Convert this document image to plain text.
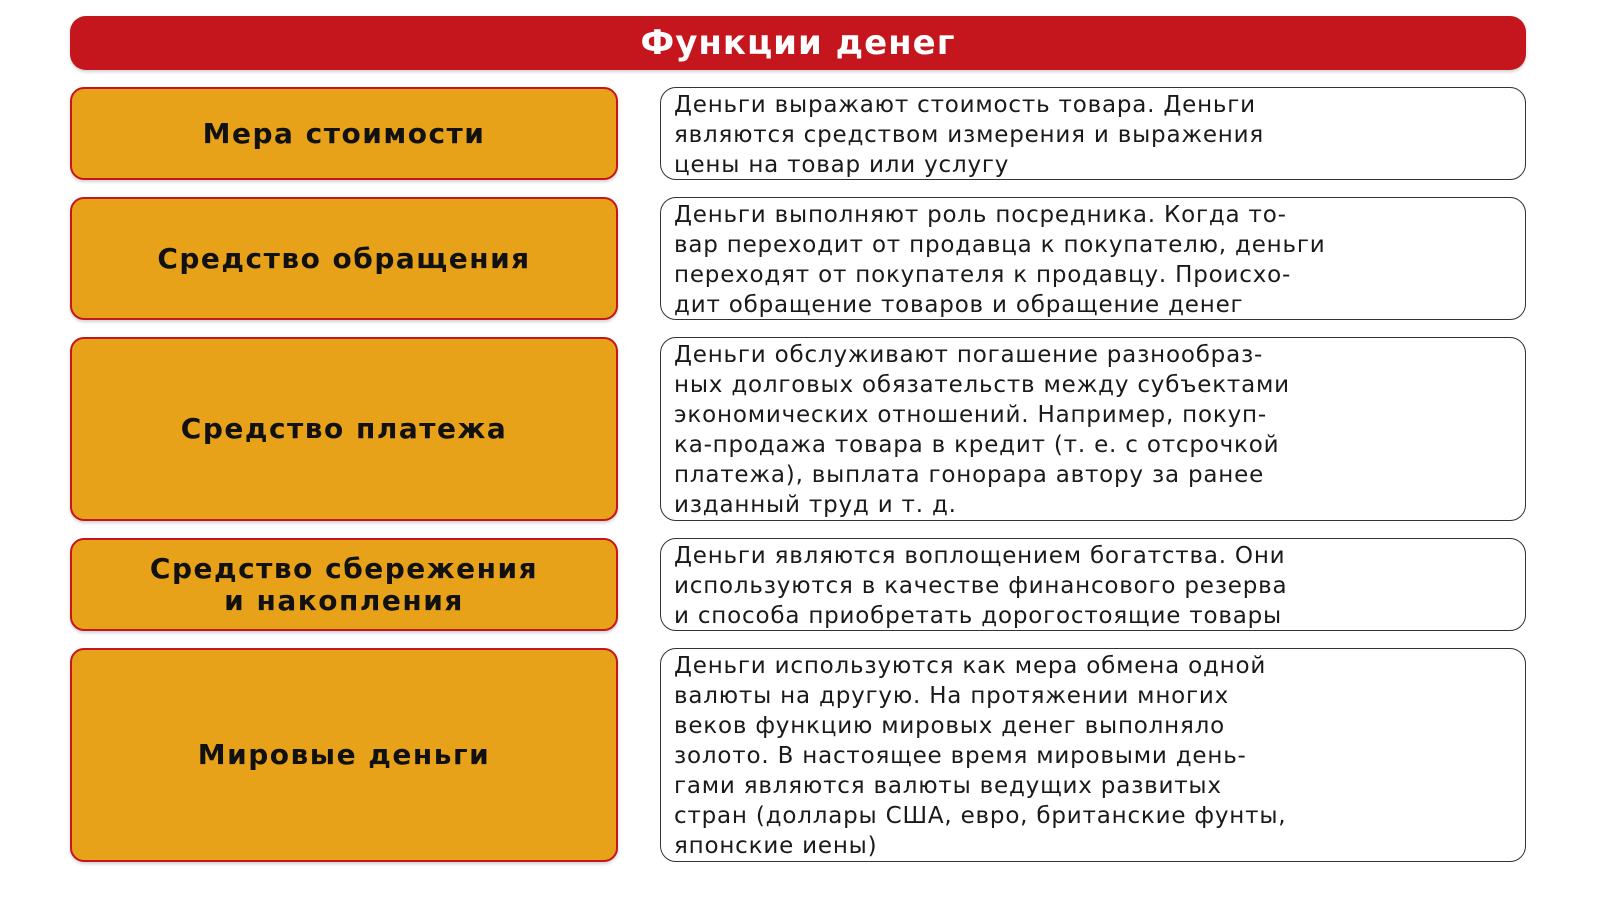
Функции денег
Мера стоимости

Деньги выражают стоимость товара. Деньги
являются средством измерения и выражения
цены на товар или услугу

Средство обращения

Деньги выполняют роль посредника. Когда то-
вар переходит от продавца к покупателю, деньги
переходят от покупателя к продавцу. Происхо-
дит обращение товаров и обращение денег

Средство платежа

Деньги обслуживают погашение разнообраз-
ных долговых обязательств между субъектами
экономических отношений. Например, покуп-
ка-продажа товара в кредит (т. е. с отсрочкой
платежа), выплата гонорара автору за ранее
изданный труд и т. д.

Средство сбережения
и накопления

Деньги являются воплощением богатства. Они
используются в качестве финансового резерва
и способа приобретать дорогостоящие товары

Мировые деньги

Деньги используются как мера обмена одной
валюты на другую. На протяжении многих
веков функцию мировых денег выполняло
золото. В настоящее время мировыми день-
гами являются валюты ведущих развитых
стран (доллары США, евро, британские фунты,
японские иены)
